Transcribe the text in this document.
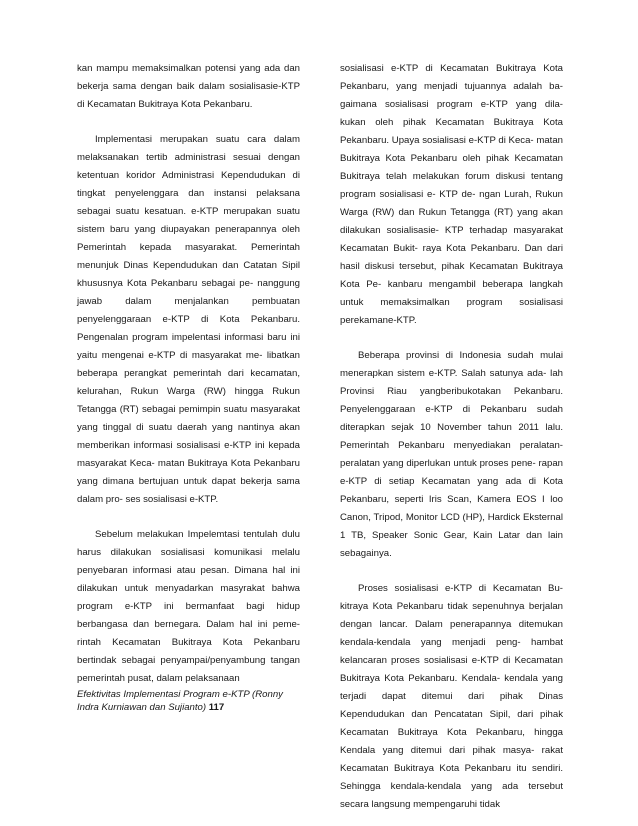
kan mampu memaksimalkan potensi yang ada dan bekerja sama dengan baik dalam sosialisasie-KTP di Kecamatan Bukitraya Kota Pekanbaru.

Implementasi merupakan suatu cara dalam melaksanakan tertib administrasi sesuai dengan ketentuan koridor Administrasi Kependudukan di tingkat penyelenggara dan instansi pelaksana sebagai suatu kesatuan. e-KTP merupakan suatu sistem baru yang diupayakan penerapannya oleh Pemerintah kepada masyarakat. Pemerintah menunjuk Dinas Kependudukan dan Catatan Sipil khususnya Kota Pekanbaru sebagai pe- nanggung jawab dalam menjalankan pembuatan penyelenggaraan e-KTP di Kota Pekanbaru. Pengenalan program impelentasi informasi baru ini yaitu mengenai e-KTP di masyarakat me- libatkan beberapa perangkat pemerintah dari kecamatan, kelurahan, Rukun Warga (RW) hingga Rukun Tetangga (RT) sebagai pemimpin suatu masyarakat yang tinggal di suatu daerah yang nantinya akan memberikan informasi sosialisasi e-KTP ini kepada masyarakat Keca- matan Bukitraya Kota Pekanbaru yang dimana bertujuan untuk dapat bekerja sama dalam pro- ses sosialisasi e-KTP.

Sebelum melakukan Impelemtasi tentulah dulu harus dilakukan sosialisasi komunikasi melalu penyebaran informasi atau pesan. Dimana hal ini dilakukan untuk menyadarkan masyrakat bahwa program e-KTP ini bermanfaat bagi hidup berbangasa dan bernegara. Dalam hal ini peme- rintah Kecamatan Bukitraya Kota Pekanbaru bertindak sebagai penyampai/penyambung tangan pemerintah pusat, dalam pelaksanaan

Efektivitas Implementasi Program e-KTP (Ronny Indra Kurniawan dan Sujianto) 117

sosialisasi e-KTP di Kecamatan Bukitraya Kota Pekanbaru, yang menjadi tujuannya adalah ba- gaimana sosialisasi program e-KTP yang dila- kukan oleh pihak Kecamatan Bukitraya Kota Pekanbaru. Upaya sosialisasi e-KTP di Keca- matan Bukitraya Kota Pekanbaru oleh pihak Kecamatan Bukitraya telah melakukan forum diskusi tentang program sosialisasi e- KTP de- ngan Lurah, Rukun Warga (RW) dan Rukun Tetangga (RT) yang akan dilakukan sosialisasie- KTP terhadap masyarakat Kecamatan Bukit- raya Kota Pekanbaru. Dan dari hasil diskusi tersebut, pihak Kecamatan Bukitraya Kota Pe- kanbaru mengambil beberapa langkah untuk memaksimalkan program sosialisasi perekamane-KTP.

Beberapa provinsi di Indonesia sudah mulai menerapkan sistem e-KTP. Salah satunya ada- lah Provinsi Riau yangberibukotakan Pekanbaru. Penyelenggaraan e-KTP di Pekanbaru sudah diterapkan sejak 10 November tahun 2011 lalu. Pemerintah Pekanbaru menyediakan peralatan- peralatan yang diperlukan untuk proses pene- rapan e-KTP di setiap Kecamatan yang ada di Kota Pekanbaru, seperti Iris Scan, Kamera EOS I loo Canon, Tripod, Monitor LCD (HP), Hardick Eksternal 1 TB, Speaker Sonic Gear, Kain Latar dan lain sebagainya.

Proses sosialisasi e-KTP di Kecamatan Bu- kitraya Kota Pekanbaru tidak sepenuhnya berjalan dengan lancar. Dalam penerapannya ditemukan kendala-kendala yang menjadi peng- hambat kelancaran proses sosialisasi e-KTP di Kecamatan Bukitraya Kota Pekanbaru. Kendala- kendala yang terjadi dapat ditemui dari pihak Dinas Kependudukan dan Pencatatan Sipil, dari pihak Kecamatan Bukitraya Kota Pekanbaru, hingga Kendala yang ditemui dari pihak masya- rakat Kecamatan Bukitraya Kota Pekanbaru itu sendiri. Sehingga kendala-kendala yang ada tersebut secara langsung mempengaruhi tidak
